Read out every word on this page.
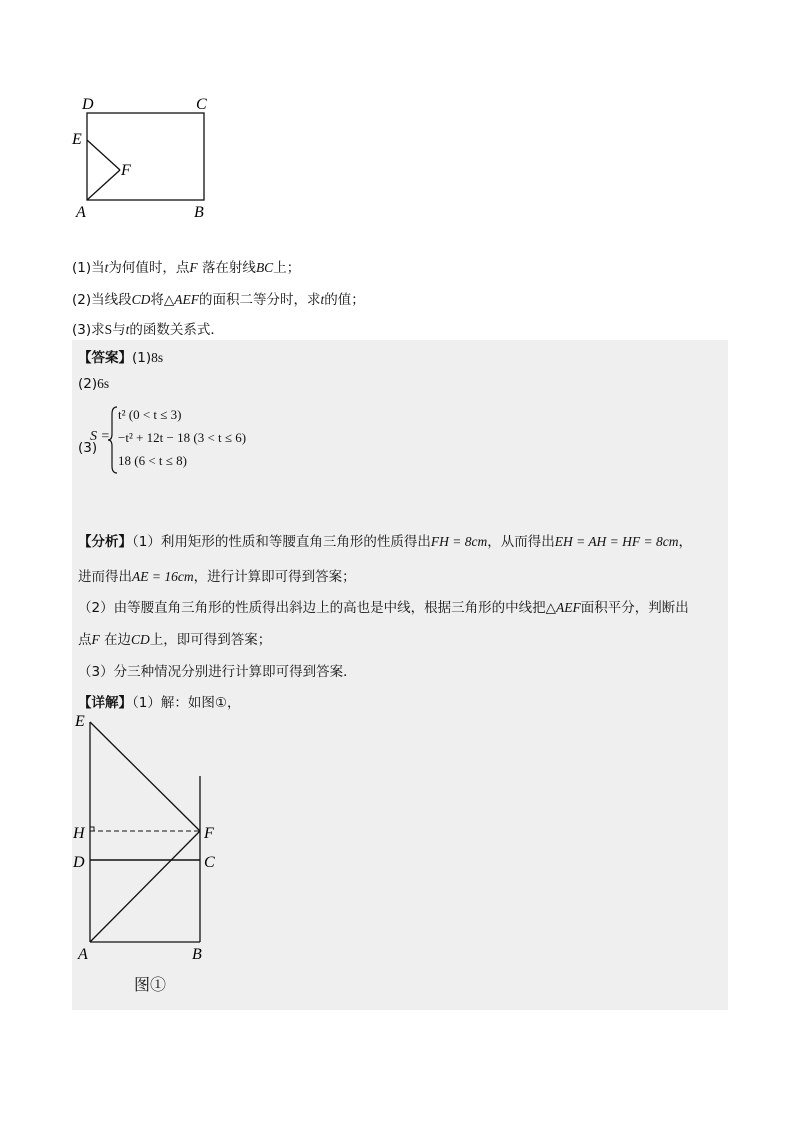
D	C
E
F
A	B
(1)当t为何值时，点F 落在射线BC上；
(2)当线段CD将△AEF的面积二等分时，求t的值；
(3)求S与t的函数关系式．
【答案】(1)8s
(2)6s
(3)
S =
t² (0 < t ≤ 3)
−t² + 12t − 18 (3 < t ≤ 6)
18 (6 < t ≤ 8)
【分析】（1）利用矩形的性质和等腰直角三角形的性质得出FH = 8cm，从而得出EH = AH = HF = 8cm，
进而得出AE = 16cm，进行计算即可得到答案；
（2）由等腰直角三角形的性质得出斜边上的高也是中线，根据三角形的中线把△AEF面积平分，判断出
点F 在边CD上，即可得到答案；
（3）分三种情况分别进行计算即可得到答案．
【详解】（1）解：如图①，
E
H	F
D	C
A	B
图①
